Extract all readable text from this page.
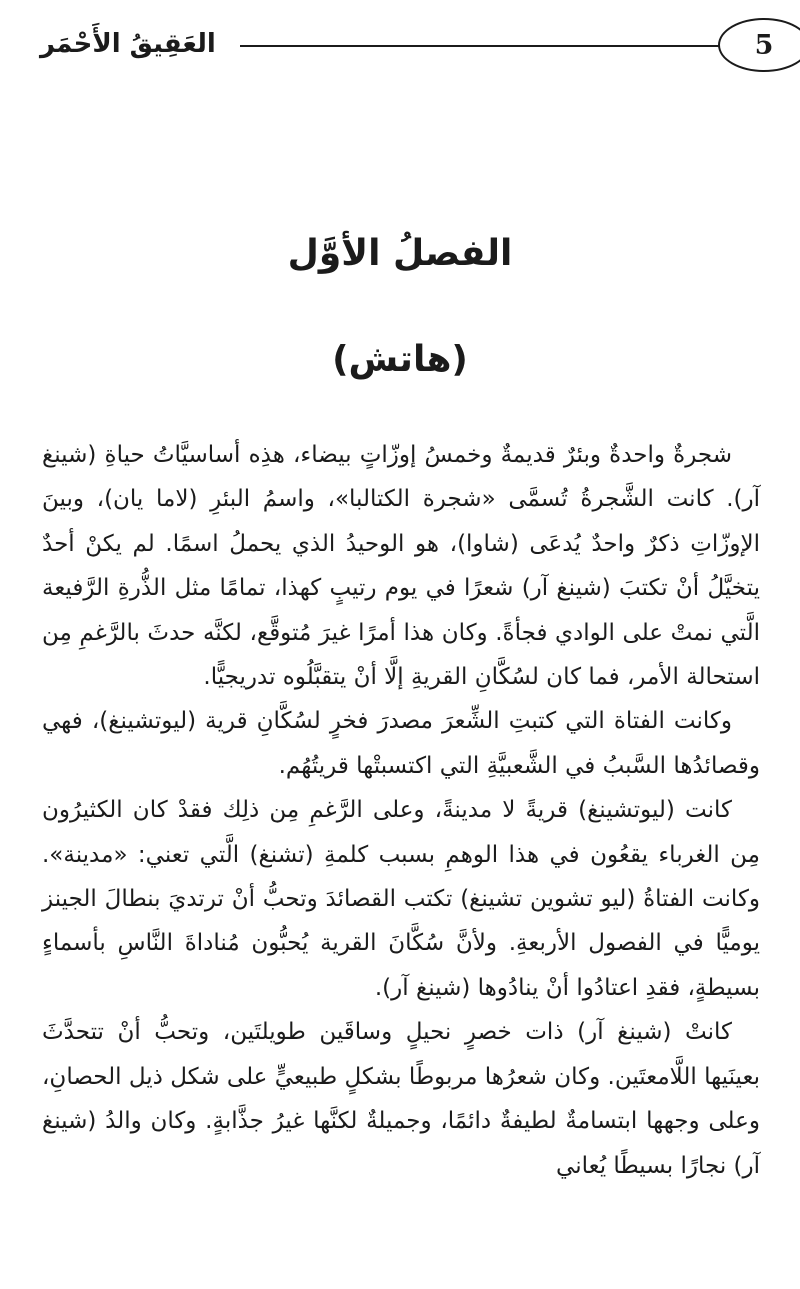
5
العَقِيقُ الأَحْمَر
الفصلُ الأوَّل
(هاتش)

شجرةٌ واحدةٌ وبئرٌ قديمةٌ وخمسُ إوزّاتٍ بيضاء، هذِه أساسيَّاتُ حياةِ (شينغ آر). كانت الشَّجرةُ تُسمَّى «شجرة الكتالبا»، واسمُ البئرِ (لاما يان)، وبينَ الإوزّاتِ ذكرٌ واحدٌ يُدعَى (شاوا)، هو الوحيدُ الذي يحملُ اسمًا. لم يكنْ أحدٌ يتخيَّلُ أنْ تكتبَ (شينغ آر) شعرًا في يوم رتيبٍ كهذا، تمامًا مثل الذُّرةِ الرَّفيعة الَّتي نمتْ على الوادي فجأةً. وكان هذا أمرًا غيرَ مُتوقَّع، لكنَّه حدثَ بالرَّغمِ مِن استحالة الأمر، فما كان لسُكَّانِ القريةِ إلَّا أنْ يتقبَّلُوه تدريجيًّا.

وكانت الفتاة التي كتبتِ الشِّعرَ مصدرَ فخرٍ لسُكَّانِ قرية (ليوتشينغ)، فهي وقصائدُها السَّببُ في الشَّعبيَّةِ التي اكتسبتْها قريتُهُم.

كانت (ليوتشينغ) قريةً لا مدينةً، وعلى الرَّغمِ مِن ذلِك فقدْ كان الكثيرُون مِن الغرباء يقعُون في هذا الوهمِ بسبب كلمةِ (تشنغ) الَّتي تعني: «مدينة». وكانت الفتاةُ (ليو تشوين تشينغ) تكتب القصائدَ وتحبُّ أنْ ترتديَ بنطالَ الجينز يوميًّا في الفصول الأربعةِ. ولأنَّ سُكَّانَ القرية يُحبُّون مُناداةَ النَّاسِ بأسماءٍ بسيطةٍ، فقدِ اعتادُوا أنْ ينادُوها (شينغ آر).

كانتْ (شينغ آر) ذات خصرٍ نحيلٍ وساقَين طويلتَين، وتحبُّ أنْ تتحدَّثَ بعينَيها اللَّامعتَين. وكان شعرُها مربوطًا بشكلٍ طبيعيٍّ على شكل ذيل الحصانِ، وعلى وجهها ابتسامةٌ لطيفةٌ دائمًا، وجميلةٌ لكنَّها غيرُ جذَّابةٍ. وكان والدُ (شينغ آر) نجارًا بسيطًا يُعاني
